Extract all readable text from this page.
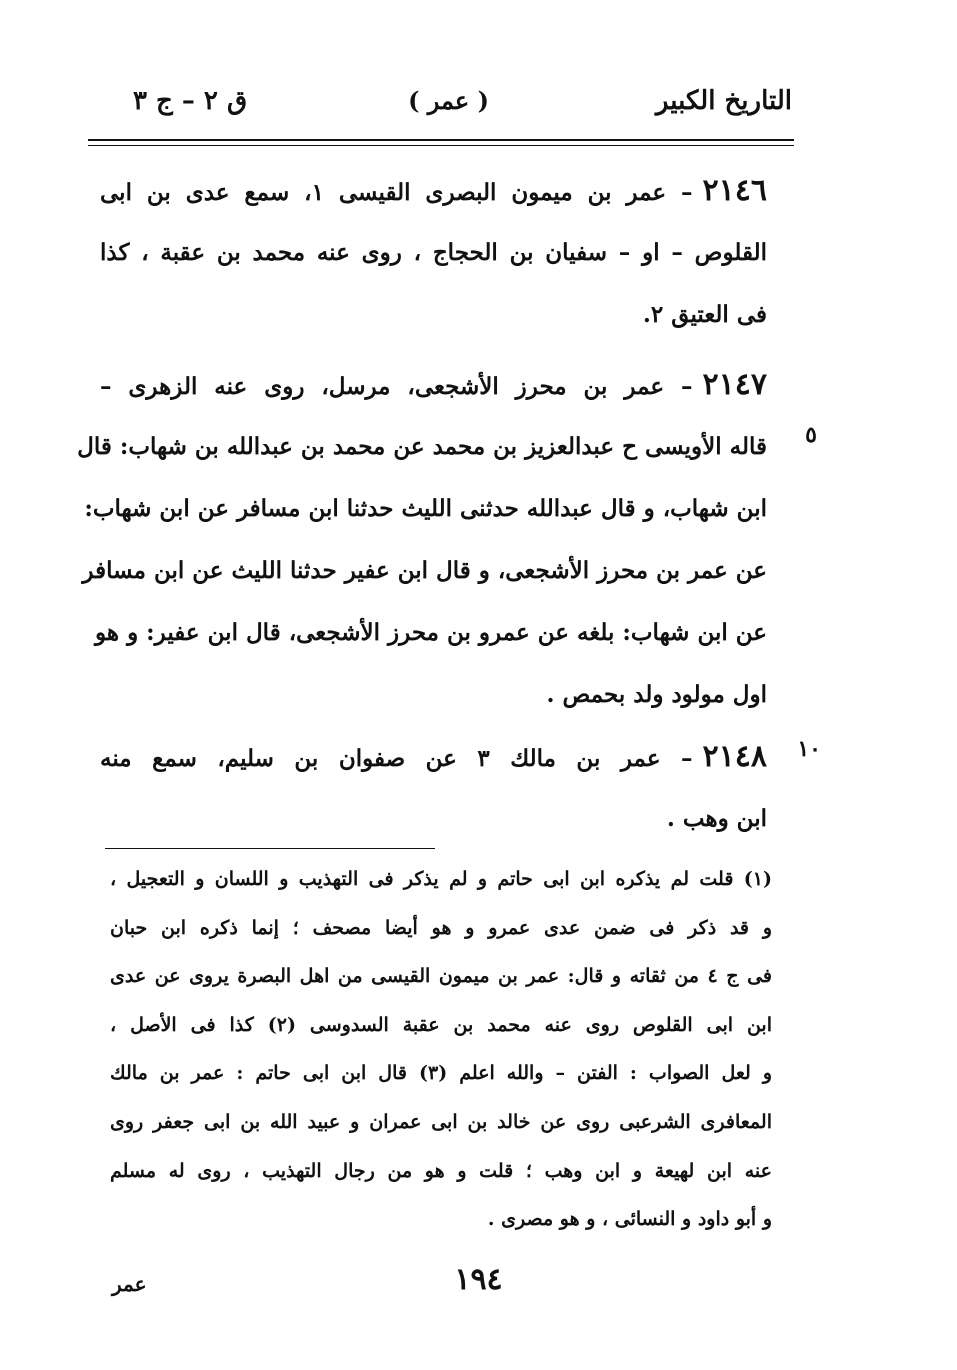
التاريخ الكبير
( عمر )
ق ٢ – ج ٣
٥
١٠
٢١٤٦– عمر بن ميمون البصرى القيسى ١، سمع عدى بن ابى
القلوص – او – سفيان بن الحجاج ، روى عنه محمد بن عقبة ، كذا
فى العتيق ٢.
٢١٤٧– عمر بن محرز الأشجعى، مرسل، روى عنه الزهرى –
قاله الأويسى ح عبدالعزيز بن محمد عن محمد بن عبدالله بن شهاب: قال
ابن شهاب، و قال عبدالله حدثنى الليث حدثنا ابن مسافر عن ابن شهاب:
عن عمر بن محرز الأشجعى، و قال ابن عفير حدثنا الليث عن ابن مسافر
عن ابن شهاب: بلغه عن عمرو بن محرز الأشجعى، قال ابن عفير: و هو
اول مولود ولد بحمص .
٢١٤٨– عمر بن مالك ٣ عن صفوان بن سليم، سمع منه
ابن وهب .
(١) قلت لم يذكره ابن ابى حاتم و لم يذكر فى التهذيب و اللسان و التعجيل ،
و قد ذكر فى ضمن عدى عمرو و هو أيضا مصحف ؛ إنما ذكره ابن حبان
فى ج ٤ من ثقاته و قال: عمر بن ميمون القيسى من اهل البصرة يروى عن عدى
ابن ابى القلوص روى عنه محمد بن عقبة السدوسى (٢) كذا فى الأصل ،
و لعل الصواب : الفتن – والله اعلم (٣) قال ابن ابى حاتم : عمر بن مالك
المعافرى الشرعبى روى عن خالد بن ابى عمران و عبيد الله بن ابى جعفر روى
عنه ابن لهيعة و ابن وهب ؛ قلت و هو من رجال التهذيب ، روى له مسلم
و أبو داود و النسائى ، و هو مصرى .
١٩٤
عمر
